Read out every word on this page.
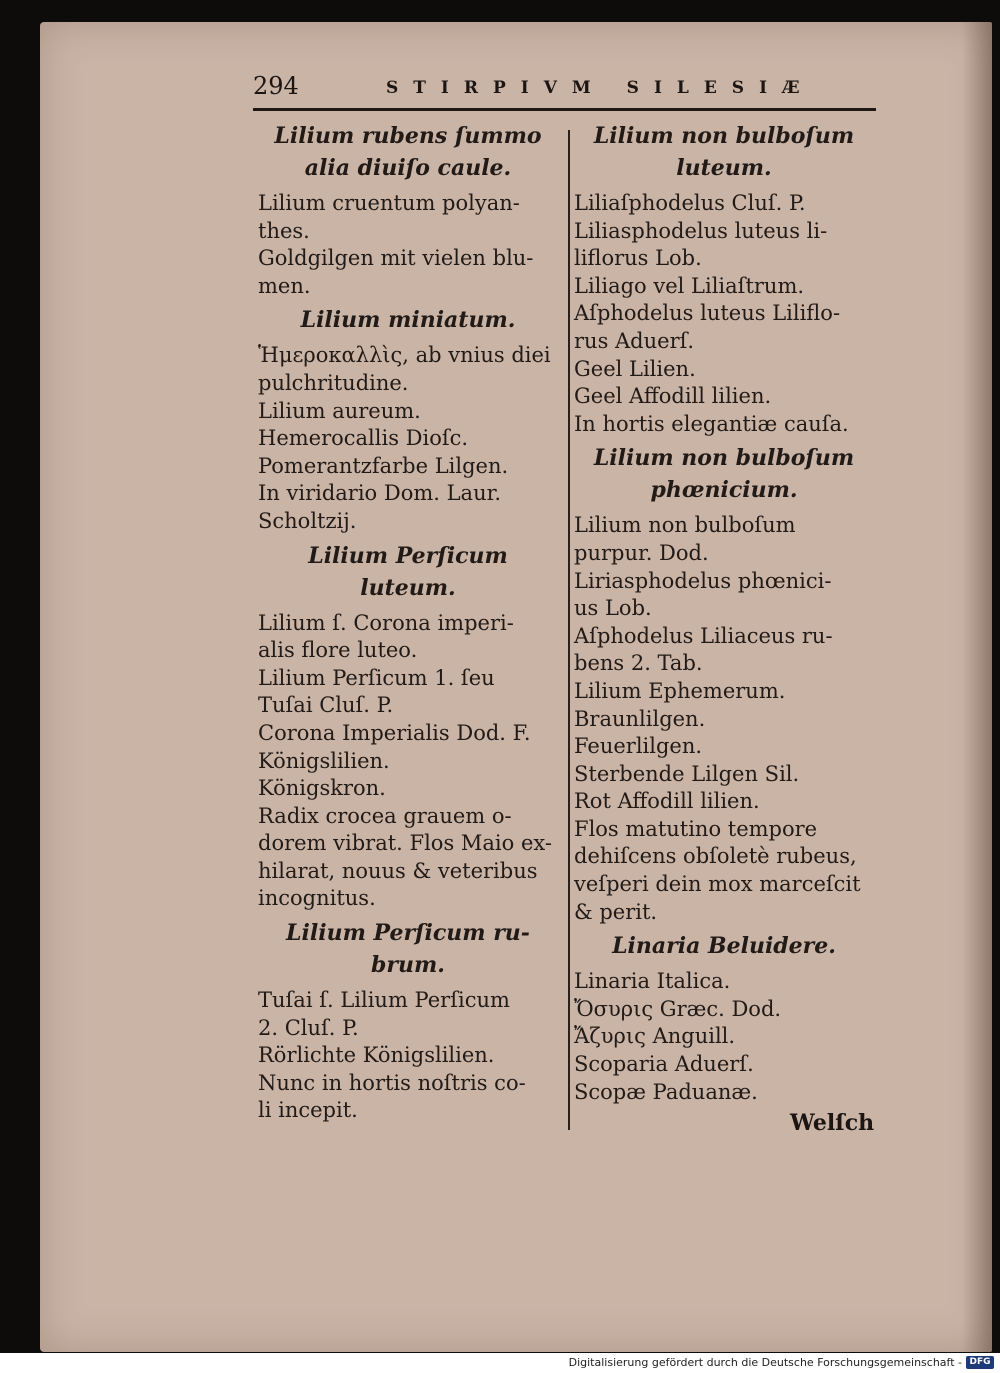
294	STIRPIVM SILESIÆ
Lilium rubens ſummo alia diuiſo caule.
Lilium cruentum polyan-
thes.
Goldgilgen mit vielen blu-
men.
Lilium miniatum.
Ἡμεροκαλλὶς, ab vnius diei
pulchritudine.
Lilium aureum.
Hemerocallis Dioſc.
Pomerantzfarbe Lilgen.
In viridario Dom. Laur.
Scholtzij.
Lilium Perſicum luteum.
Lilium ſ. Corona imperi-
alis flore luteo.
Lilium Perſicum 1. ſeu
Tuſai Cluſ. P.
Corona Imperialis Dod. F.
Königslilien.
Königskron.
Radix crocea grauem o-
dorem vibrat. Flos Maio ex-
hilarat, nouus & veteribus
incognitus.
Lilium Perſicum ru-brum.
Tuſai ſ. Lilium Perſicum
2. Cluſ. P.
Rörlichte Königslilien.
Nunc in hortis noſtris co-
li incepit.
Lilium non bulboſum luteum.
Liliaſphodelus Cluſ. P.
Liliasphodelus luteus li-
liflorus Lob.
Liliago vel Liliaſtrum.
Aſphodelus luteus Liliflo-
rus Aduerſ.
Geel Lilien.
Geel Affodill lilien.
In hortis elegantiæ cauſa.
Lilium non bulboſum phœnicium.
Lilium non bulboſum
purpur. Dod.
Liriasphodelus phœnici-
us Lob.
Aſphodelus Liliaceus ru-
bens 2. Tab.
Lilium Ephemerum.
Braunlilgen.
Feuerlilgen.
Sterbende Lilgen Sil.
Rot Affodill lilien.
Flos matutino tempore
dehiſcens obſoletè rubeus,
veſperi dein mox marceſcit
& perit.
Linaria Beluidere.
Linaria Italica.
Ὄσυρις Græc. Dod.
Ἄζυρις Anguill.
Scoparia Aduerſ.
Scopæ Paduanæ.
Welſch
Digitalisierung gefördert durch die Deutsche Forschungsgemeinschaft - DFG
